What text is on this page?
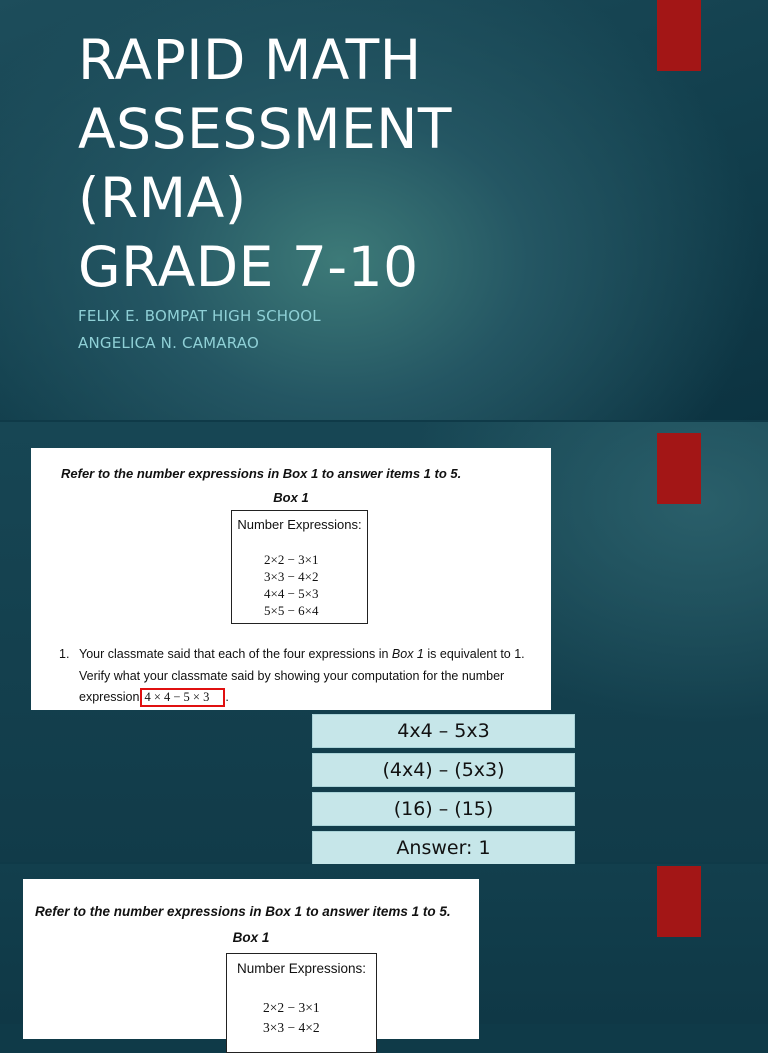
RAPID MATH
ASSESSMENT
(RMA)
GRADE 7-10
FELIX E. BOMPAT HIGH SCHOOL
ANGELICA N. CAMARAO
Refer to the number expressions in Box 1 to answer items 1 to 5.
Box 1
Number Expressions:
2×2 − 3×1
3×3 − 4×2
4×4 − 5×3
5×5 − 6×4
1. Your classmate said that each of the four expressions in Box 1 is equivalent to 1.
Verify what your classmate said by showing your computation for the number
expression 4 × 4 − 5 × 3 .
4x4 – 5x3
(4x4) – (5x3)
(16) – (15)
Answer: 1
Refer to the number expressions in Box 1 to answer items 1 to 5.
Box 1
Number Expressions:
2×2 − 3×1
3×3 − 4×2
